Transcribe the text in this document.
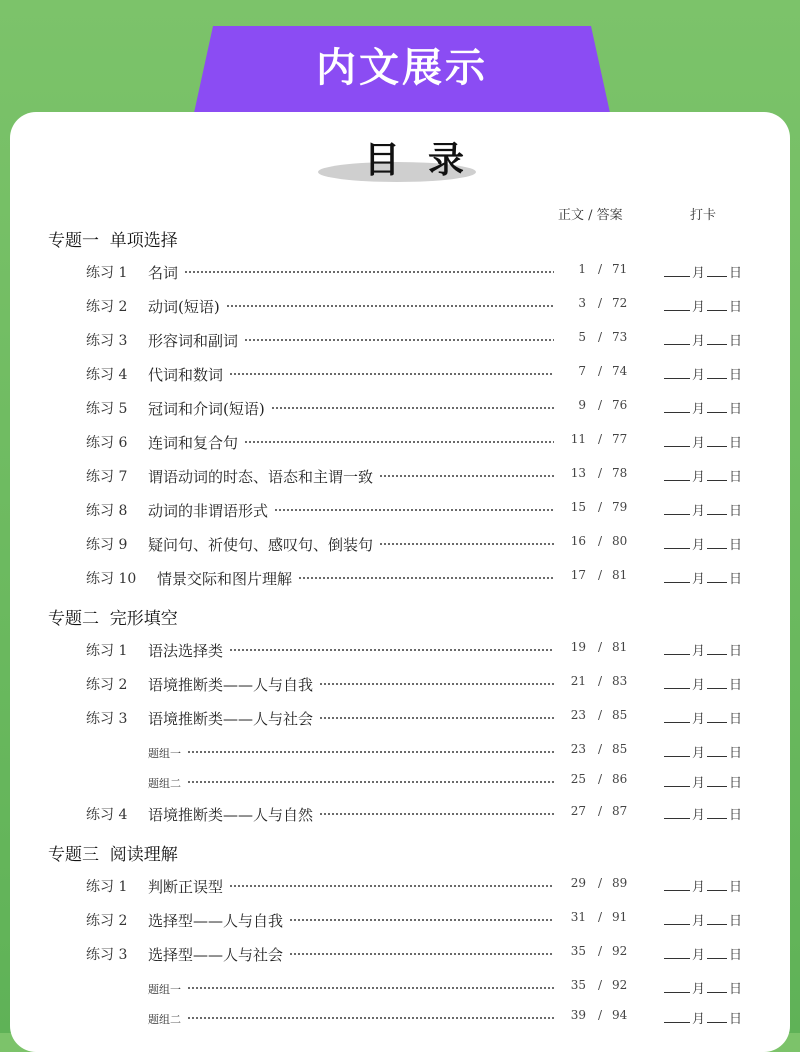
内文展示
目录
正文 / 答案	打卡
专题一  单项选择
练习 1 名词	1 / 71	月 日
练习 2 动词(短语)	3 / 72	月 日
练习 3 形容词和副词	5 / 73	月 日
练习 4 代词和数词	7 / 74	月 日
练习 5 冠词和介词(短语)	9 / 76	月 日
练习 6 连词和复合句	11 / 77	月 日
练习 7 谓语动词的时态、语态和主谓一致	13 / 78	月 日
练习 8 动词的非谓语形式	15 / 79	月 日
练习 9 疑问句、祈使句、感叹句、倒装句	16 / 80	月 日
练习 10 情景交际和图片理解	17 / 81	月 日
专题二  完形填空
练习 1 语法选择类	19 / 81	月 日
练习 2 语境推断类——人与自我	21 / 83	月 日
练习 3 语境推断类——人与社会	23 / 85	月 日
题组一	23 / 85	月 日
题组二	25 / 86	月 日
练习 4 语境推断类——人与自然	27 / 87	月 日
专题三  阅读理解
练习 1 判断正误型	29 / 89	月 日
练习 2 选择型——人与自我	31 / 91	月 日
练习 3 选择型——人与社会	35 / 92	月 日
题组一	35 / 92	月 日
题组二	39 / 94	月 日
